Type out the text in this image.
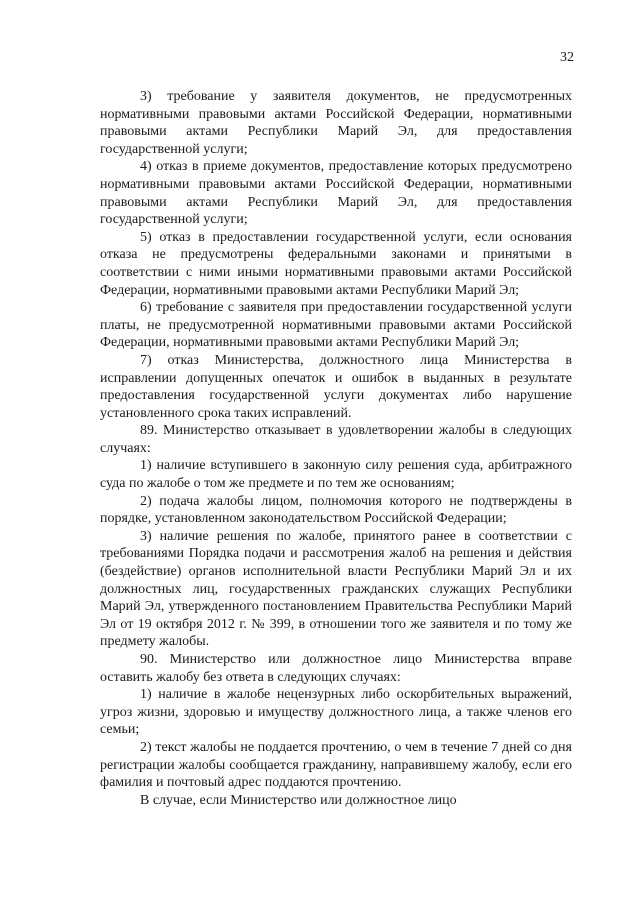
32

3) требование у заявителя документов, не предусмотренных нормативными правовыми актами Российской Федерации, нормативными правовыми актами Республики Марий Эл, для предоставления государственной услуги;

4) отказ в приеме документов, предоставление которых предусмотрено нормативными правовыми актами Российской Федерации, нормативными правовыми актами Республики Марий Эл, для предоставления государственной услуги;

5) отказ в предоставлении государственной услуги, если основания отказа не предусмотрены федеральными законами и принятыми в соответствии с ними иными нормативными правовыми актами Российской Федерации, нормативными правовыми актами Республики Марий Эл;

6) требование с заявителя при предоставлении государственной услуги платы, не предусмотренной нормативными правовыми актами Российской Федерации, нормативными правовыми актами Республики Марий Эл;

7) отказ Министерства, должностного лица Министерства в исправлении допущенных опечаток и ошибок в выданных в результате предоставления государственной услуги документах либо нарушение установленного срока таких исправлений.

89. Министерство отказывает в удовлетворении жалобы в следующих случаях:

1) наличие вступившего в законную силу решения суда, арбитражного суда по жалобе о том же предмете и по тем же основаниям;

2) подача жалобы лицом, полномочия которого не подтверждены в порядке, установленном законодательством Российской Федерации;

3) наличие решения по жалобе, принятого ранее в соответствии с требованиями Порядка подачи и рассмотрения жалоб на решения и действия (бездействие) органов исполнительной власти Республики Марий Эл и их должностных лиц, государственных гражданских служащих Республики Марий Эл, утвержденного постановлением Правительства Республики Марий Эл от 19 октября 2012 г. № 399, в отношении того же заявителя и по тому же предмету жалобы.

90. Министерство или должностное лицо Министерства вправе оставить жалобу без ответа в следующих случаях:

1) наличие в жалобе нецензурных либо оскорбительных выражений, угроз жизни, здоровью и имуществу должностного лица, а также членов его семьи;

2) текст жалобы не поддается прочтению, о чем в течение 7 дней со дня регистрации жалобы сообщается гражданину, направившему жалобу, если его фамилия и почтовый адрес поддаются прочтению.

В случае, если Министерство или должностное лицо
